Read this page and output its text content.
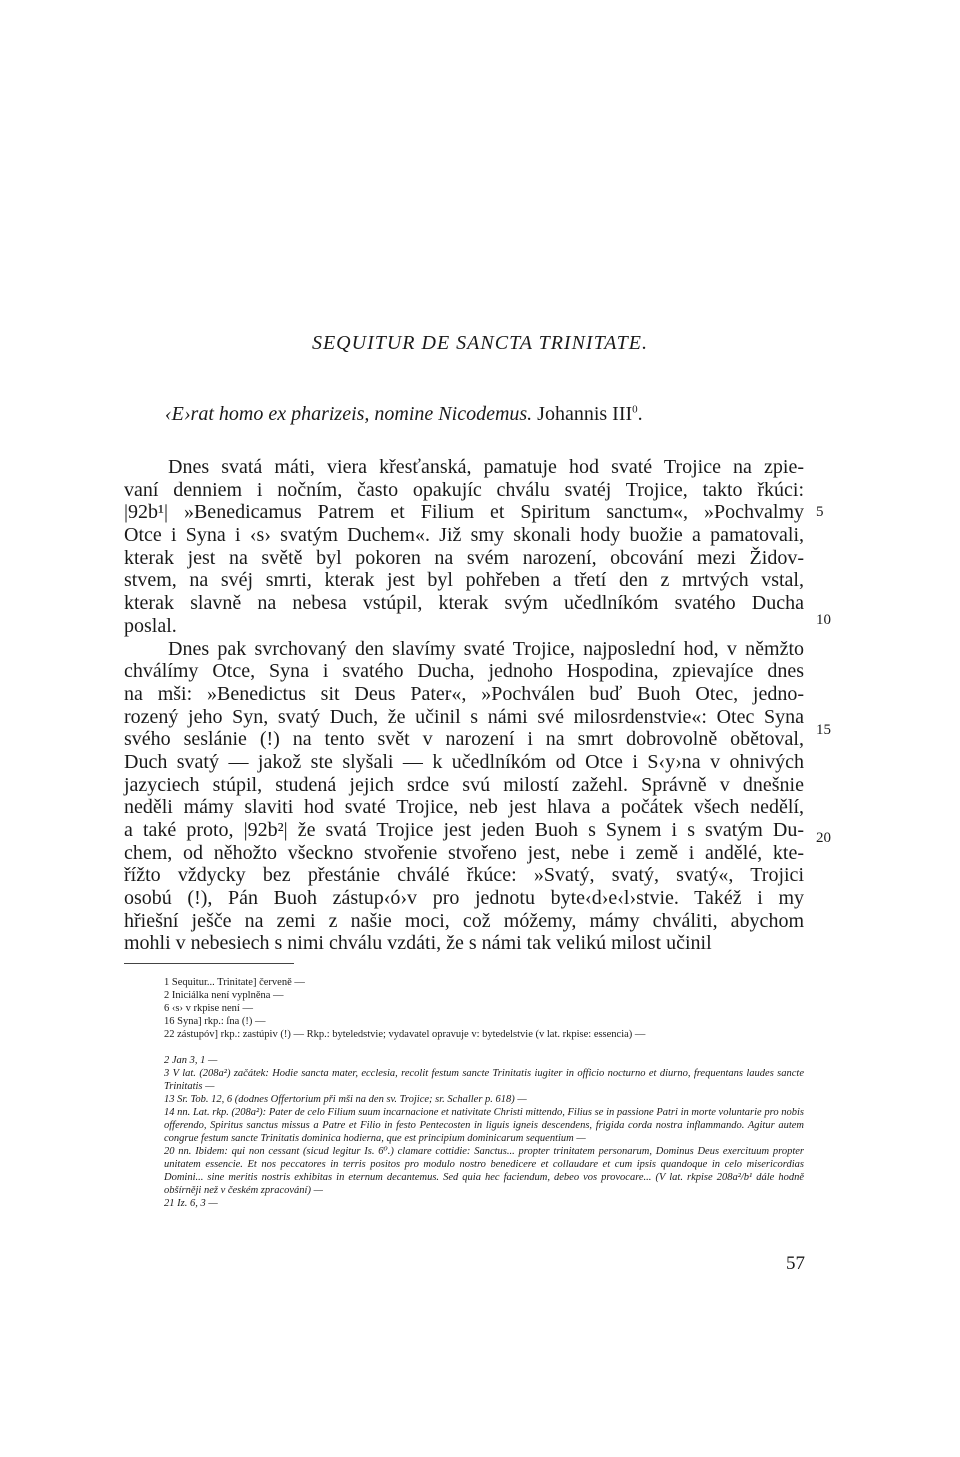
SEQUITUR DE SANCTA TRINITATE.
‹E›rat homo ex pharizeis, nomine Nicodemus. Johannis III$^0$.
Dnes svatá máti, viera křesťanská, pamatuje hod svaté Trojice na zpie-
vaní denniem i nočním, často opakujíc chválu svatéj Trojice, takto řkúci:
|92b¹| »Benedicamus Patrem et Filium et Spiritum sanctum«, »Pochvalmy
Otce i Syna i ‹s› svatým Duchem«. Již smy skonali hody buožie a pamatovali,
kterak jest na světě byl pokoren na svém narození, obcování mezi Židov-
stvem, na svéj smrti, kterak jest byl pohřeben a třetí den z mrtvých vstal,
kterak slavně na nebesa vstúpil, kterak svým učedlníkóm svatého Ducha
poslal.
Dnes pak svrchovaný den slavímy svaté Trojice, najposlední hod, v němžto
chválímy Otce, Syna i svatého Ducha, jednoho Hospodina, zpievajíce dnes
na mši: »Benedictus sit Deus Pater«, »Pochválen buď Buoh Otec, jedno-
rozený jeho Syn, svatý Duch, že učinil s námi své milosrdenstvie«: Otec Syna
svého seslánie (!) na tento svět v narození i na smrt dobrovolně obětoval,
Duch svatý — jakož ste slyšali — k učedlníkóm od Otce i S‹y›na v ohnivých
jazyciech stúpil, studená jejich srdce svú milostí zažehl. Správně v dnešnie
neděli mámy slaviti hod svaté Trojice, neb jest hlava a počátek všech nedělí,
a také proto, |92b²| že svatá Trojice jest jeden Buoh s Synem i s svatým Du-
chem, od něhožto všeckno stvořenie stvořeno jest, nebe i země i andělé, kte-
řížto vždycky bez přestánie chválé řkúce: »Svatý, svatý, svatý«, Trojici
osobú (!), Pán Buoh zástup‹ó›v pro jednotu byte‹d›e‹l›stvie. Takéž i my
hřiešní ješče na zemi z našie moci, což móžemy, mámy chváliti, abychom
mohli v nebesiech s nimi chválu vzdáti, že s námi tak velikú milost učinil
5
10
15
20

1 Sequitur... Trinitate] červeně —

2 Iniciálka není vyplněna —

6 ‹s› v rkpise není —

16 Syna] rkp.: ſna (!) —

22 zástupóv] rkp.: zastúpiv (!) — Rkp.: byteledstvie; vydavatel opravuje v: bytedelstvie (v lat. rkpise: essencia) —

2 Jan 3, 1 —

3 V lat. (208a²) začátek: Hodie sancta mater, ecclesia, recolit festum sancte Trinitatis iugiter in officio nocturno et diurno, frequentans laudes sancte Trinitatis —

13 Sr. Tob. 12, 6 (dodnes Offertorium při mši na den sv. Trojice; sr. Schaller p. 618) —

14 nn. Lat. rkp. (208a²): Pater de celo Filium suum incarnacione et nativitate Christi mittendo, Filius se in passione Patri in morte voluntarie pro nobis offerendo, Spiritus sanctus missus a Patre et Filio in festo Pentecosten in liguis igneis descendens, frigida corda nostra inflammando. Agitur autem congrue festum sancte Trinitatis dominica hodierna, que est principium dominicarum sequentium —

20 nn. Ibidem: qui non cessant (sicud legitur Is. 6⁰.) clamare cottidie: Sanctus... propter trinitatem personarum, Dominus Deus exercituum propter unitatem essencie. Et nos peccatores in terris positos pro modulo nostro benedicere et collaudare et cum ipsis quandoque in celo misericordias Domini... sine meritis nostris exhibitas in eternum decantemus. Sed quia hec faciendum, debeo vos provocare... (V lat. rkpise 208a²/b¹ dále hodně obšírněji než v českém zpracování) —

21 Iz. 6, 3 —

57
